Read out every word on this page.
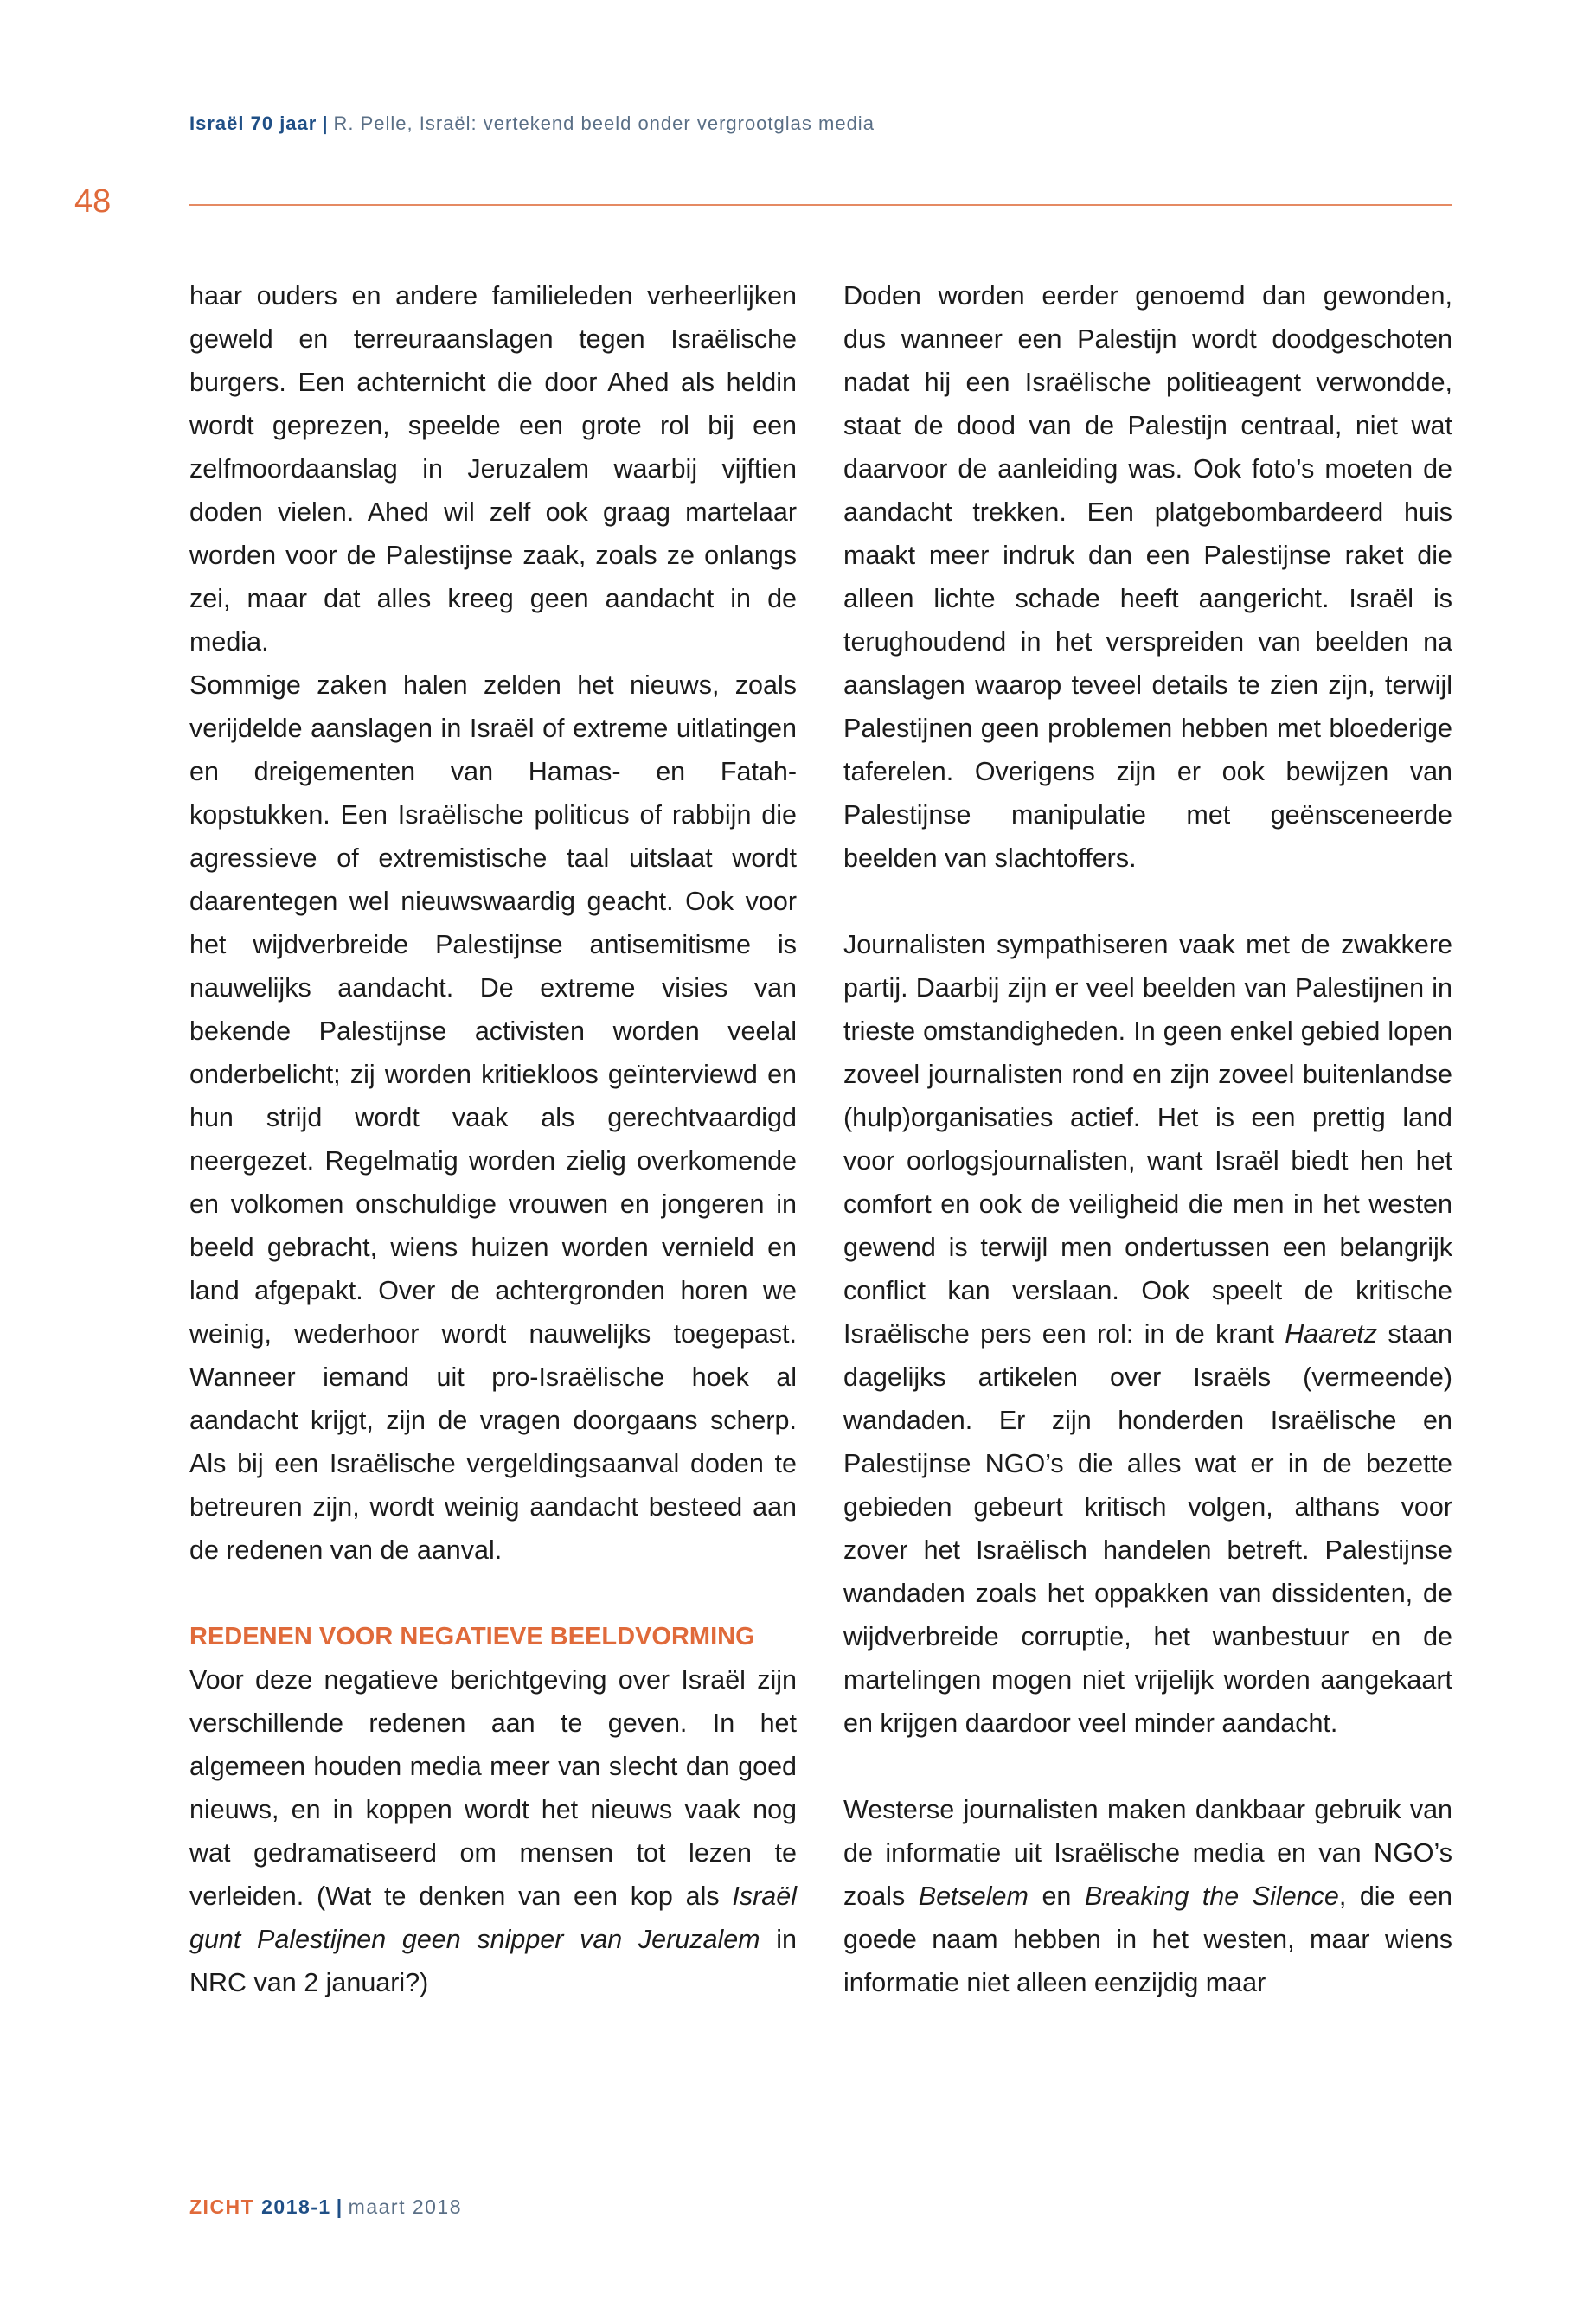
Israël 70 jaar | R. Pelle, Israël: vertekend beeld onder vergrootglas media
48

haar ouders en andere familieleden verheerlijken geweld en terreuraanslagen tegen Israëlische burgers. Een achternicht die door Ahed als heldin wordt geprezen, speelde een grote rol bij een zelfmoordaanslag in Jeruzalem waarbij vijftien doden vielen. Ahed wil zelf ook graag martelaar worden voor de Palestijnse zaak, zoals ze onlangs zei, maar dat alles kreeg geen aandacht in de media.

Sommige zaken halen zelden het nieuws, zoals verijdelde aanslagen in Israël of extreme uitlatingen en dreigementen van Hamas- en Fatah-kopstukken. Een Israëlische politicus of rabbijn die agressieve of extremistische taal uitslaat wordt daarentegen wel nieuwswaardig geacht. Ook voor het wijdverbreide Palestijnse antisemitisme is nauwelijks aandacht. De extreme visies van bekende Palestijnse activisten worden veelal onderbelicht; zij worden kritiekloos geïnterviewd en hun strijd wordt vaak als gerechtvaardigd neergezet. Regelmatig worden zielig overkomende en volkomen onschuldige vrouwen en jongeren in beeld gebracht, wiens huizen worden vernield en land afgepakt. Over de achtergronden horen we weinig, wederhoor wordt nauwelijks toegepast. Wanneer iemand uit pro-Israëlische hoek al aandacht krijgt, zijn de vragen doorgaans scherp. Als bij een Israëlische vergeldingsaanval doden te betreuren zijn, wordt weinig aandacht besteed aan de redenen van de aanval.

REDENEN VOOR NEGATIEVE BEELDVORMING

Voor deze negatieve berichtgeving over Israël zijn verschillende redenen aan te geven. In het algemeen houden media meer van slecht dan goed nieuws, en in koppen wordt het nieuws vaak nog wat gedramatiseerd om mensen tot lezen te verleiden. (Wat te denken van een kop als Israël gunt Palestijnen geen snipper van Jeruzalem in NRC van 2 januari?)

Doden worden eerder genoemd dan gewonden, dus wanneer een Palestijn wordt doodgeschoten nadat hij een Israëlische politieagent verwondde, staat de dood van de Palestijn centraal, niet wat daarvoor de aanleiding was. Ook foto’s moeten de aandacht trekken. Een platgebombardeerd huis maakt meer indruk dan een Palestijnse raket die alleen lichte schade heeft aangericht. Israël is terughoudend in het verspreiden van beelden na aanslagen waarop teveel details te zien zijn, terwijl Palestijnen geen problemen hebben met bloederige taferelen. Overigens zijn er ook bewijzen van Palestijnse manipulatie met geënsceneerde beelden van slachtoffers.

Journalisten sympathiseren vaak met de zwakkere partij. Daarbij zijn er veel beelden van Palestijnen in trieste omstandigheden. In geen enkel gebied lopen zoveel journalisten rond en zijn zoveel buitenlandse (hulp)organisaties actief. Het is een prettig land voor oorlogsjournalisten, want Israël biedt hen het comfort en ook de veiligheid die men in het westen gewend is terwijl men ondertussen een belangrijk conflict kan verslaan. Ook speelt de kritische Israëlische pers een rol: in de krant Haaretz staan dagelijks artikelen over Israëls (vermeende) wandaden. Er zijn honderden Israëlische en Palestijnse NGO’s die alles wat er in de bezette gebieden gebeurt kritisch volgen, althans voor zover het Israëlisch handelen betreft. Palestijnse wandaden zoals het oppakken van dissidenten, de wijdverbreide corruptie, het wanbestuur en de martelingen mogen niet vrijelijk worden aangekaart en krijgen daardoor veel minder aandacht.

Westerse journalisten maken dankbaar gebruik van de informatie uit Israëlische media en van NGO’s zoals Betselem en Breaking the Silence, die een goede naam hebben in het westen, maar wiens informatie niet alleen eenzijdig maar

ZICHT 2018-1 | maart 2018
